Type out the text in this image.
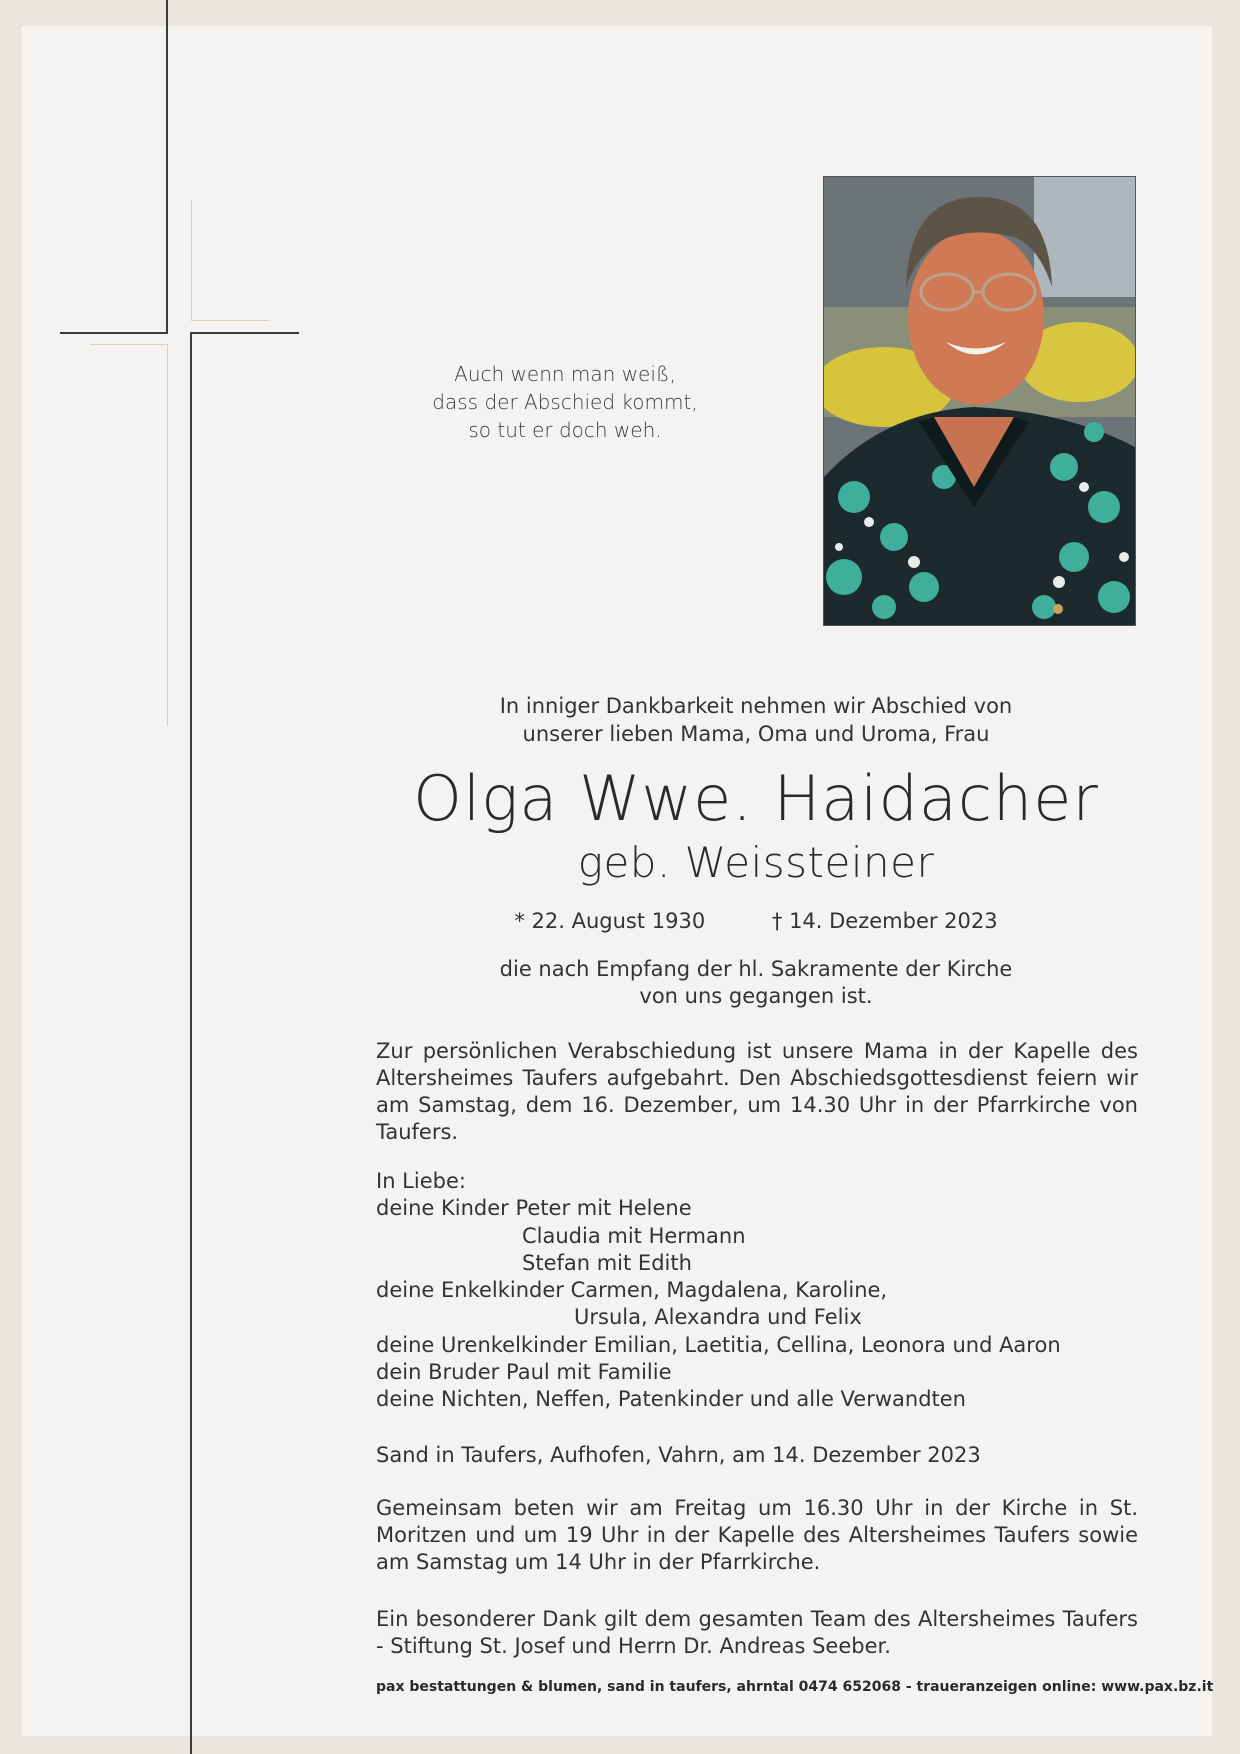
Auch wenn man weiß,
dass der Abschied kommt,
so tut er doch weh.
In inniger Dankbarkeit nehmen wir Abschied von
unserer lieben Mama, Oma und Uroma, Frau
Olga Wwe. Haidacher
geb. Weissteiner
* 22. August 1930	† 14. Dezember 2023
die nach Empfang der hl. Sakramente der Kirche
von uns gegangen ist.
Zur persönlichen Verabschiedung ist unsere Mama in der Kapelle des Altersheimes Taufers aufgebahrt. Den Abschiedsgottesdienst feiern wir am Samstag, dem 16. Dezember, um 14.30 Uhr in der Pfarrkirche von Taufers.
In Liebe:
deine Kinder Peter mit Helene
Claudia mit Hermann
Stefan mit Edith
deine Enkelkinder Carmen, Magdalena, Karoline,
Ursula, Alexandra und Felix
deine Urenkelkinder Emilian, Laetitia, Cellina, Leonora und Aaron
dein Bruder Paul mit Familie
deine Nichten, Neffen, Patenkinder und alle Verwandten
Sand in Taufers, Aufhofen, Vahrn, am 14. Dezember 2023
Gemeinsam beten wir am Freitag um 16.30 Uhr in der Kirche in St. Moritzen und um 19 Uhr in der Kapelle des Altersheimes Taufers sowie am Samstag um 14 Uhr in der Pfarrkirche.
Ein besonderer Dank gilt dem gesamten Team des Altersheimes Taufers - Stiftung St. Josef und Herrn Dr. Andreas Seeber.
pax bestattungen & blumen, sand in taufers, ahrntal 0474 652068 - traueranzeigen online: www.pax.bz.it
